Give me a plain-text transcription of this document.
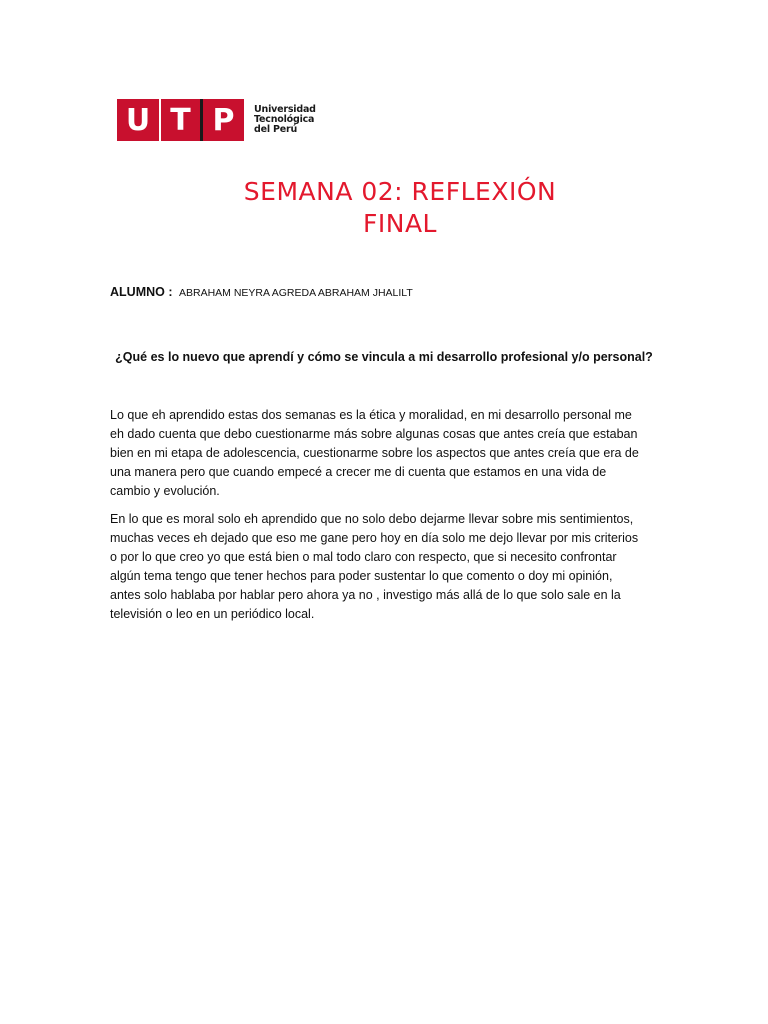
U T P	Universidad
Tecnológica
del Perú
SEMANA 02: REFLEXIÓN
FINAL
ALUMNO : ABRAHAM NEYRA AGREDA ABRAHAM JHALILT
¿Qué es lo nuevo que aprendí y cómo se vincula a mi desarrollo profesional y/o personal?

Lo que eh aprendido estas dos semanas es la ética y moralidad, en mi desarrollo personal me
eh dado cuenta que debo cuestionarme más sobre algunas cosas que antes creía que estaban
bien en mi etapa de adolescencia, cuestionarme sobre los aspectos que antes creía que era de
una manera pero que cuando empecé a crecer me di cuenta que estamos en una vida de
cambio y evolución.

En lo que es moral solo eh aprendido que no solo debo dejarme llevar sobre mis sentimientos,
muchas veces eh dejado que eso me gane pero hoy en día solo me dejo llevar por mis criterios
o por lo que creo yo que está bien o mal todo claro con respecto, que si necesito confrontar
algún tema tengo que tener hechos para poder sustentar lo que comento o doy mi opinión,
antes solo hablaba por hablar pero ahora ya no , investigo más allá de lo que solo sale en la
televisión o leo en un periódico local.
